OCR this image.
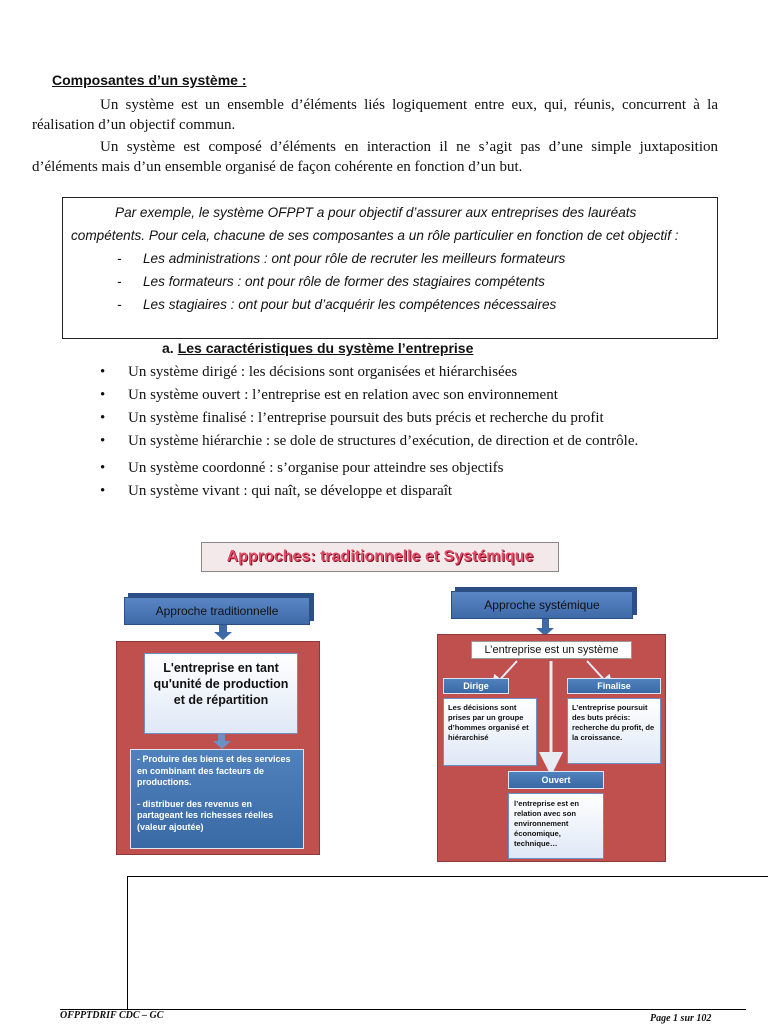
Composantes d’un système :
Un système est un ensemble d’éléments liés logiquement entre eux, qui, réunis, concurrent à la réalisation d’un objectif commun.
Un système est composé d’éléments en interaction il ne s’agit pas d’une simple juxtaposition d’éléments mais d’un ensemble organisé de façon cohérente en fonction d’un but.
Par exemple, le système OFPPT a pour objectif d’assurer aux entreprises des lauréats compétents. Pour cela, chacune de ses composantes a un rôle particulier en fonction de cet objectif :
- Les administrations : ont pour rôle de recruter les meilleurs formateurs
- Les formateurs : ont pour rôle de former des stagiaires compétents
- Les stagiaires : ont pour but d’acquérir les compétences nécessaires
a. Les caractéristiques du système l’entreprise
• Un système dirigé : les décisions sont organisées et hiérarchisées
• Un système ouvert : l’entreprise est en relation avec son environnement
• Un système finalisé : l’entreprise poursuit des buts précis et recherche du profit
• Un système hiérarchie : se dole de structures d’exécution, de direction et de contrôle.
• Un système coordonné : s’organise pour atteindre ses objectifs
• Un système vivant : qui naît, se développe et disparaît
Approches: traditionnelle et Systémique
Approche traditionnelle
L'entreprise en tant qu'unité de production et de répartition
- Produire des biens et des services en combinant des facteurs de productions.
- distribuer des revenus en partageant les richesses réelles (valeur ajoutée)
Approche systémique
L’entreprise est un système
Dirige
Les décisions sont prises par un groupe d’hommes organisé et hiérarchisé
Finalise
L’entreprise poursuit des buts précis: recherche du profit, de la croissance.
Ouvert
l’entreprise est en relation avec son environnement économique, technique…
OFPPTDRIF CDC – GC	Page 1 sur 102
